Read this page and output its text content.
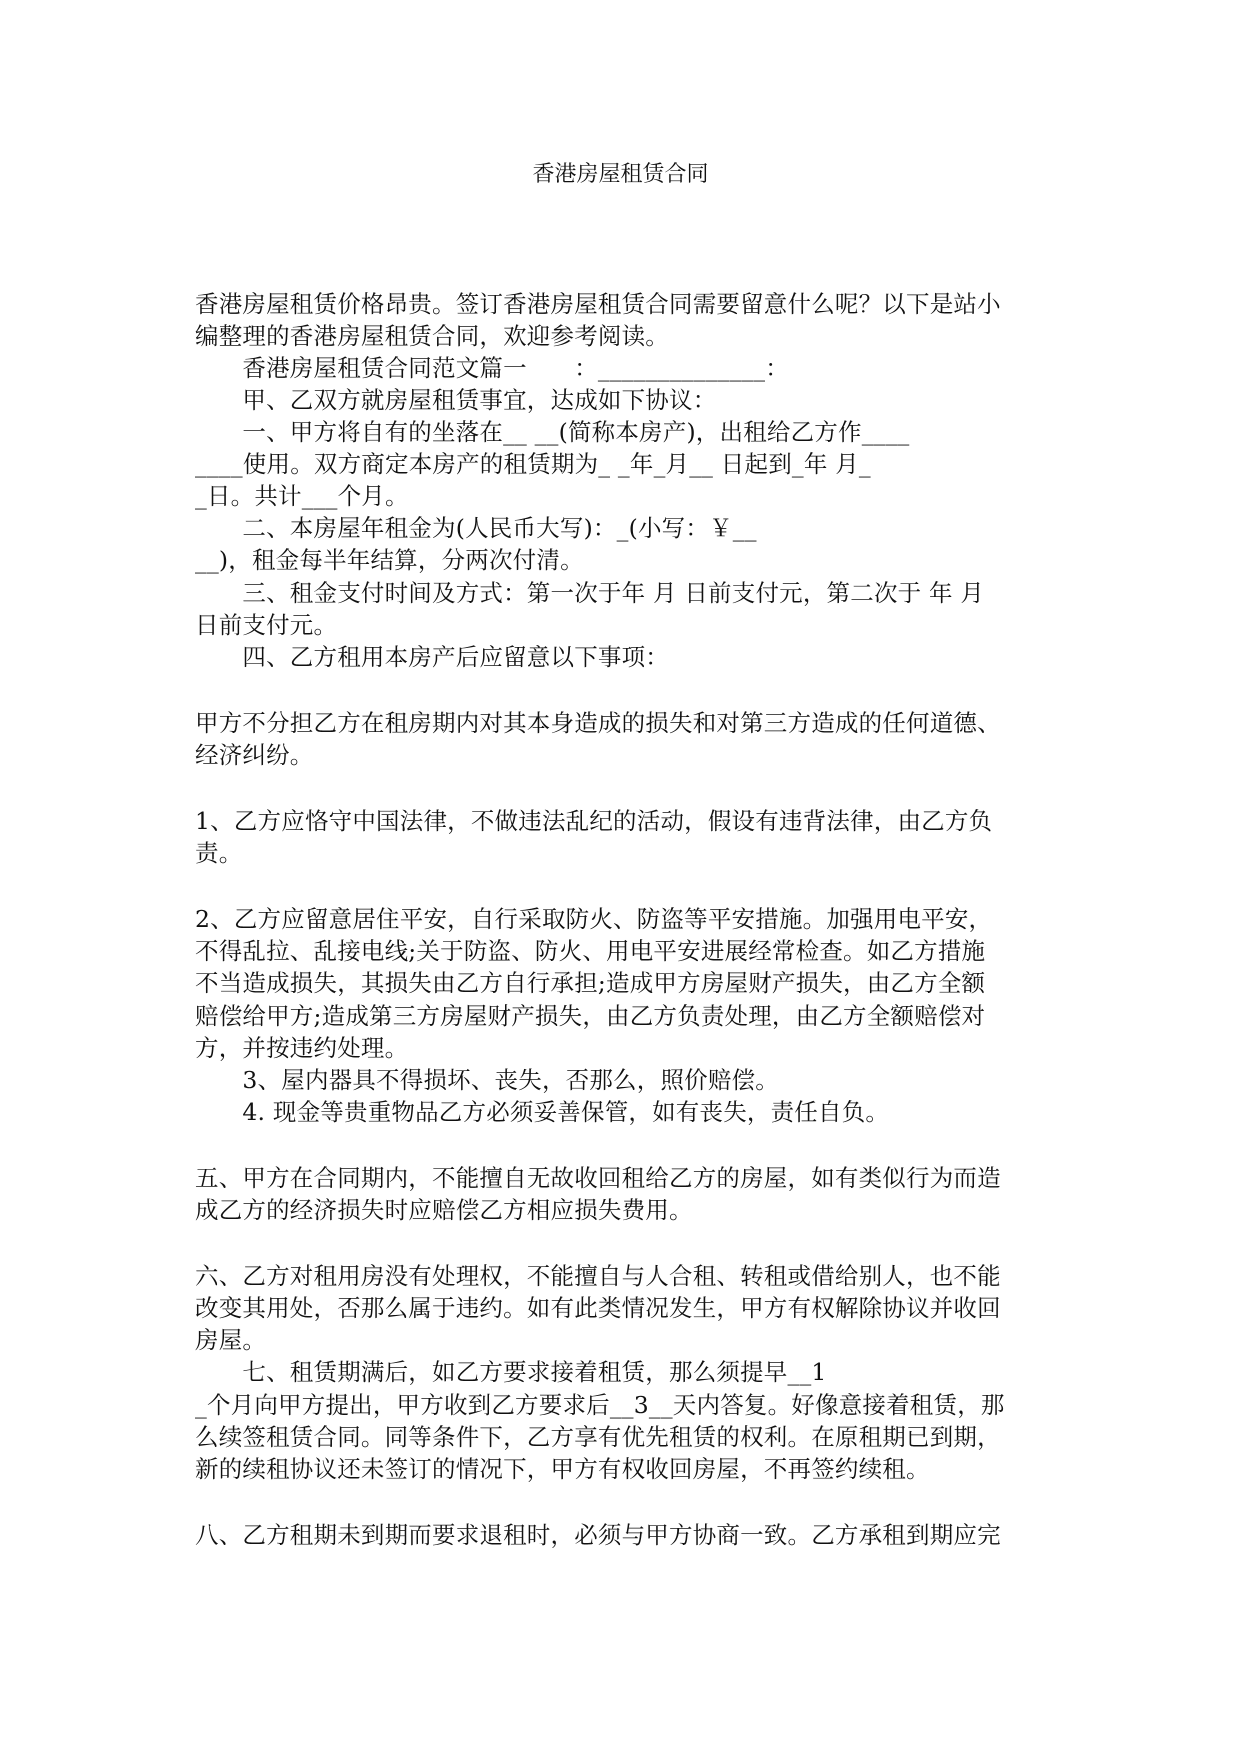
香港房屋租赁合同
香港房屋租赁价格昂贵。签订香港房屋租赁合同需要留意什么呢？以下是站小
编整理的香港房屋租赁合同，欢迎参考阅读。
　　香港房屋租赁合同范文篇一　　：______________：
　　甲、乙双方就房屋租赁事宜，达成如下协议：
　　一、甲方将自有的坐落在__ __(简称本房产)，出租给乙方作____
____使用。双方商定本房产的租赁期为_ _年_月__ 日起到_年 月_
_日。共计___个月。
　　二、本房屋年租金为(人民币大写)：_(小写：￥__
__)，租金每半年结算，分两次付清。
　　三、租金支付时间及方式：第一次于年 月 日前支付元，第二次于 年 月
日前支付元。
　　四、乙方租用本房产后应留意以下事项：
甲方不分担乙方在租房期内对其本身造成的损失和对第三方造成的任何道德、
经济纠纷。
1、乙方应恪守中国法律，不做违法乱纪的活动，假设有违背法律，由乙方负
责。
2、乙方应留意居住平安，自行采取防火、防盗等平安措施。加强用电平安，
不得乱拉、乱接电线;关于防盗、防火、用电平安进展经常检查。如乙方措施
不当造成损失，其损失由乙方自行承担;造成甲方房屋财产损失，由乙方全额
赔偿给甲方;造成第三方房屋财产损失，由乙方负责处理，由乙方全额赔偿对
方，并按违约处理。
　　3、屋内器具不得损坏、丧失，否那么，照价赔偿。
　　4. 现金等贵重物品乙方必须妥善保管，如有丧失，责任自负。
五、甲方在合同期内，不能擅自无故收回租给乙方的房屋，如有类似行为而造
成乙方的经济损失时应赔偿乙方相应损失费用。
六、乙方对租用房没有处理权，不能擅自与人合租、转租或借给别人，也不能
改变其用处，否那么属于违约。如有此类情况发生，甲方有权解除协议并收回
房屋。
　　七、租赁期满后，如乙方要求接着租赁，那么须提早__1
_个月向甲方提出，甲方收到乙方要求后__3__天内答复。好像意接着租赁，那
么续签租赁合同。同等条件下，乙方享有优先租赁的权利。在原租期已到期，
新的续租协议还未签订的情况下，甲方有权收回房屋，不再签约续租。
八、乙方租期未到期而要求退租时，必须与甲方协商一致。乙方承租到期应完
